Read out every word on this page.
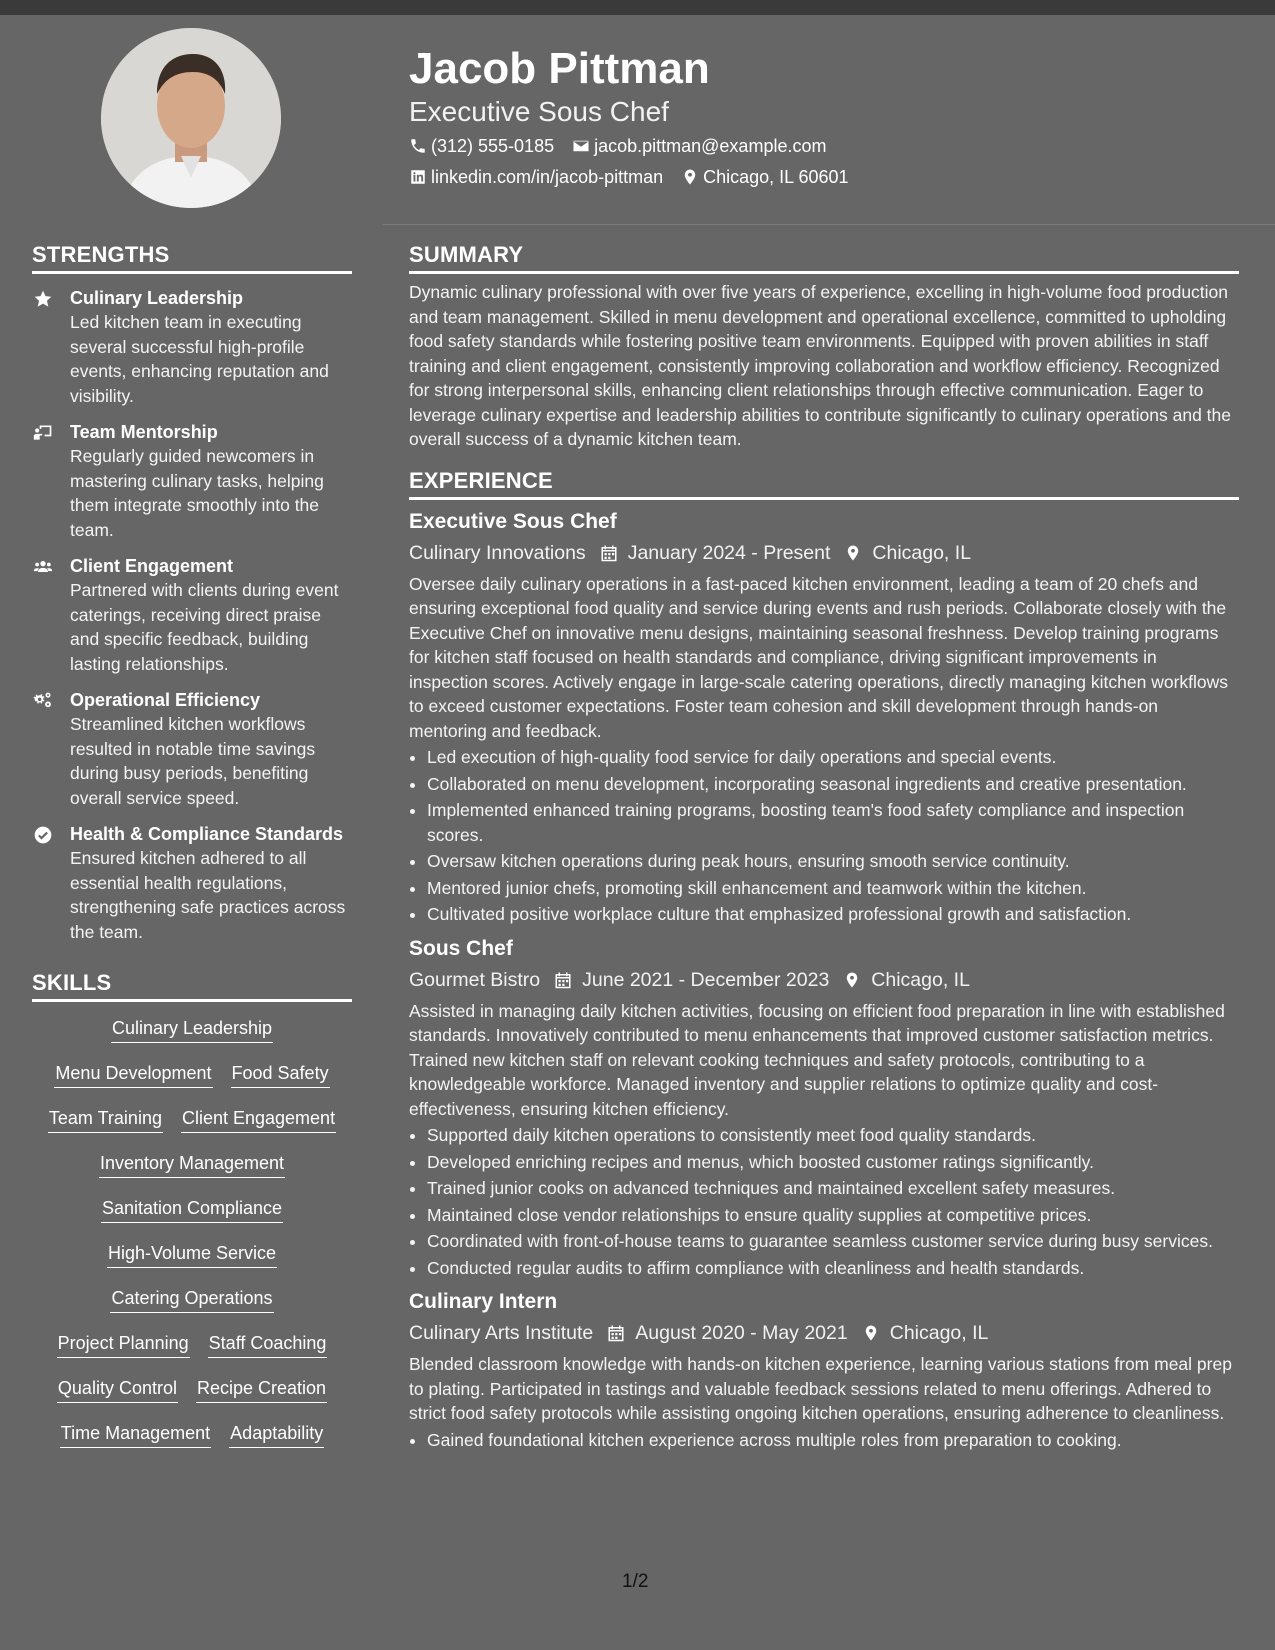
Jacob Pittman
Executive Sous Chef
(312) 555-0185 jacob.pittman@example.com
linkedin.com/in/jacob-pittman Chicago, IL 60601
STRENGTHS
Culinary Leadership
Led kitchen team in executing several successful high-profile events, enhancing reputation and visibility.
Team Mentorship
Regularly guided newcomers in mastering culinary tasks, helping them integrate smoothly into the team.
Client Engagement
Partnered with clients during event caterings, receiving direct praise and specific feedback, building lasting relationships.
Operational Efficiency
Streamlined kitchen workflows resulted in notable time savings during busy periods, benefiting overall service speed.
Health & Compliance Standards
Ensured kitchen adhered to all essential health regulations, strengthening safe practices across the team.
SKILLS
Culinary Leadership
Menu Development Food Safety
Team Training Client Engagement
Inventory Management
Sanitation Compliance
High-Volume Service
Catering Operations
Project Planning Staff Coaching
Quality Control Recipe Creation
Time Management Adaptability
SUMMARY
Dynamic culinary professional with over five years of experience, excelling in high-volume food production and team management. Skilled in menu development and operational excellence, committed to upholding food safety standards while fostering positive team environments. Equipped with proven abilities in staff training and client engagement, consistently improving collaboration and workflow efficiency. Recognized for strong interpersonal skills, enhancing client relationships through effective communication. Eager to leverage culinary expertise and leadership abilities to contribute significantly to culinary operations and the overall success of a dynamic kitchen team.
EXPERIENCE
Executive Sous Chef
Culinary Innovations January 2024 - Present Chicago, IL
Oversee daily culinary operations in a fast-paced kitchen environment, leading a team of 20 chefs and ensuring exceptional food quality and service during events and rush periods. Collaborate closely with the Executive Chef on innovative menu designs, maintaining seasonal freshness. Develop training programs for kitchen staff focused on health standards and compliance, driving significant improvements in inspection scores. Actively engage in large-scale catering operations, directly managing kitchen workflows to exceed customer expectations. Foster team cohesion and skill development through hands-on mentoring and feedback.
• Led execution of high-quality food service for daily operations and special events.
• Collaborated on menu development, incorporating seasonal ingredients and creative presentation.
• Implemented enhanced training programs, boosting team's food safety compliance and inspection scores.
• Oversaw kitchen operations during peak hours, ensuring smooth service continuity.
• Mentored junior chefs, promoting skill enhancement and teamwork within the kitchen.
• Cultivated positive workplace culture that emphasized professional growth and satisfaction.
Sous Chef
Gourmet Bistro June 2021 - December 2023 Chicago, IL
Assisted in managing daily kitchen activities, focusing on efficient food preparation in line with established standards. Innovatively contributed to menu enhancements that improved customer satisfaction metrics. Trained new kitchen staff on relevant cooking techniques and safety protocols, contributing to a knowledgeable workforce. Managed inventory and supplier relations to optimize quality and cost-effectiveness, ensuring kitchen efficiency.
• Supported daily kitchen operations to consistently meet food quality standards.
• Developed enriching recipes and menus, which boosted customer ratings significantly.
• Trained junior cooks on advanced techniques and maintained excellent safety measures.
• Maintained close vendor relationships to ensure quality supplies at competitive prices.
• Coordinated with front-of-house teams to guarantee seamless customer service during busy services.
• Conducted regular audits to affirm compliance with cleanliness and health standards.
Culinary Intern
Culinary Arts Institute August 2020 - May 2021 Chicago, IL
Blended classroom knowledge with hands-on kitchen experience, learning various stations from meal prep to plating. Participated in tastings and valuable feedback sessions related to menu offerings. Adhered to strict food safety protocols while assisting ongoing kitchen operations, ensuring adherence to cleanliness.
• Gained foundational kitchen experience across multiple roles from preparation to cooking.
1/2
